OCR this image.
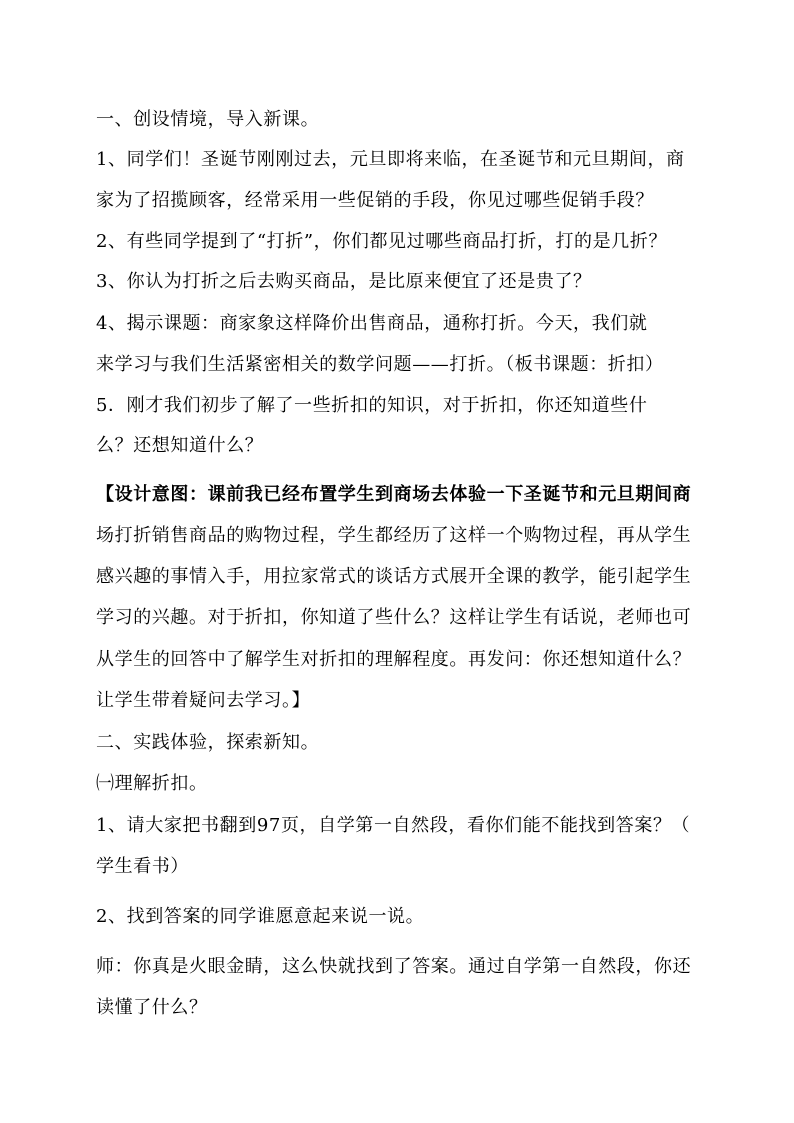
一、创设情境，导入新课。
1、同学们！圣诞节刚刚过去，元旦即将来临，在圣诞节和元旦期间，商
家为了招揽顾客，经常采用一些促销的手段，你见过哪些促销手段？
2、有些同学提到了“打折”，你们都见过哪些商品打折，打的是几折？
3、你认为打折之后去购买商品，是比原来便宜了还是贵了？
4、揭示课题：商家象这样降价出售商品，通称打折。今天，我们就
来学习与我们生活紧密相关的数学问题——打折。（板书课题：折扣）
5．刚才我们初步了解了一些折扣的知识，对于折扣，你还知道些什
么？还想知道什么？
【设计意图：课前我已经布置学生到商场去体验一下圣诞节和元旦期间商
场打折销售商品的购物过程，学生都经历了这样一个购物过程，再从学生
感兴趣的事情入手，用拉家常式的谈话方式展开全课的教学，能引起学生
学习的兴趣。对于折扣，你知道了些什么？这样让学生有话说，老师也可
从学生的回答中了解学生对折扣的理解程度。再发问：你还想知道什么？
让学生带着疑问去学习。】
二、实践体验，探索新知。
㈠理解折扣。
1、请大家把书翻到97页，自学第一自然段，看你们能不能找到答案？（
学生看书）
2、找到答案的同学谁愿意起来说一说。
师：你真是火眼金睛，这么快就找到了答案。通过自学第一自然段，你还
读懂了什么？
